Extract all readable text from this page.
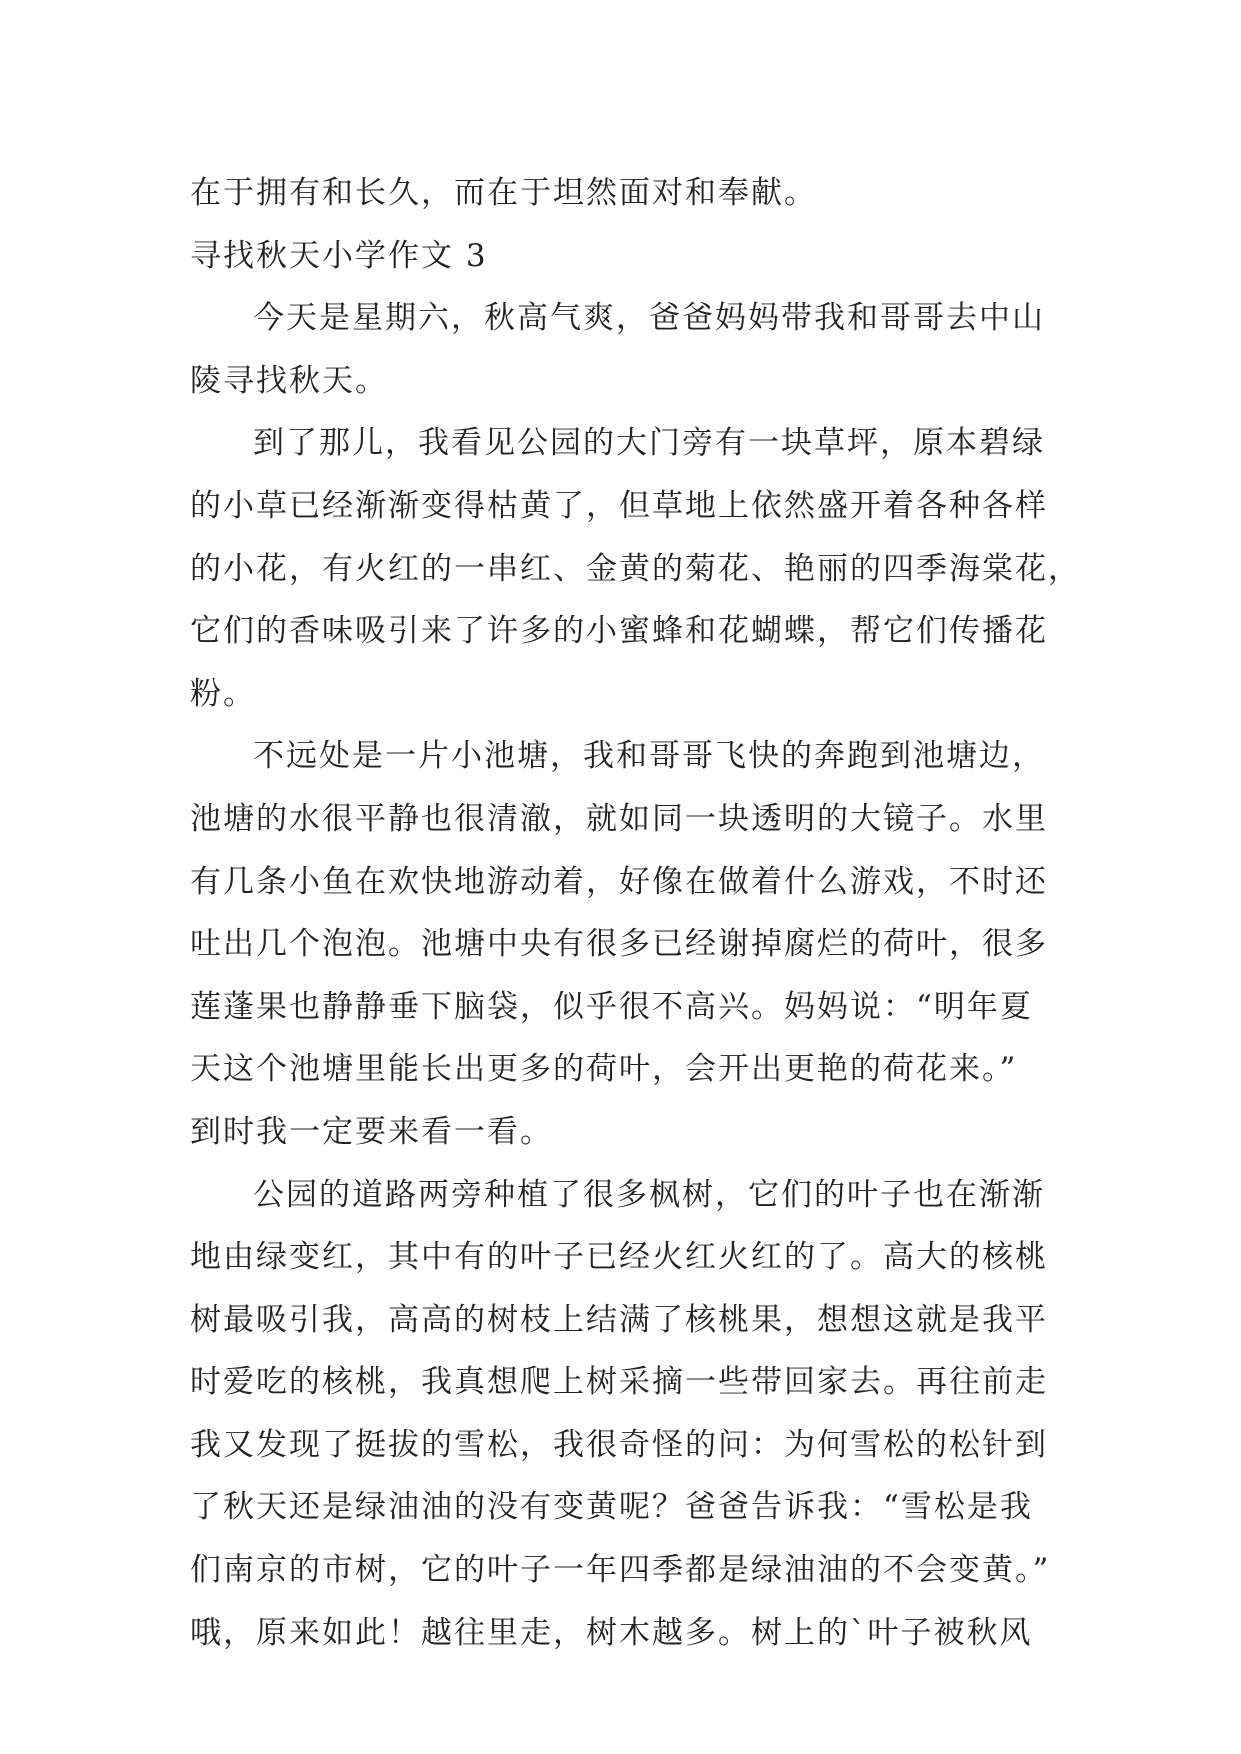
在于拥有和长久，而在于坦然面对和奉献。
寻找秋天小学作文 3
今天是星期六，秋高气爽，爸爸妈妈带我和哥哥去中山
陵寻找秋天。
到了那儿，我看见公园的大门旁有一块草坪，原本碧绿
的小草已经渐渐变得枯黄了，但草地上依然盛开着各种各样
的小花，有火红的一串红、金黄的菊花、艳丽的四季海棠花，
它们的香味吸引来了许多的小蜜蜂和花蝴蝶，帮它们传播花
粉。
不远处是一片小池塘，我和哥哥飞快的奔跑到池塘边，
池塘的水很平静也很清澈，就如同一块透明的大镜子。水里
有几条小鱼在欢快地游动着，好像在做着什么游戏，不时还
吐出几个泡泡。池塘中央有很多已经谢掉腐烂的荷叶，很多
莲蓬果也静静垂下脑袋，似乎很不高兴。妈妈说：“明年夏
天这个池塘里能长出更多的荷叶，会开出更艳的荷花来。”
到时我一定要来看一看。
公园的道路两旁种植了很多枫树，它们的叶子也在渐渐
地由绿变红，其中有的叶子已经火红火红的了。高大的核桃
树最吸引我，高高的树枝上结满了核桃果，想想这就是我平
时爱吃的核桃，我真想爬上树采摘一些带回家去。再往前走
我又发现了挺拔的雪松，我很奇怪的问：为何雪松的松针到
了秋天还是绿油油的没有变黄呢？爸爸告诉我：“雪松是我
们南京的市树，它的叶子一年四季都是绿油油的不会变黄。”
哦，原来如此！越往里走，树木越多。树上的`叶子被秋风
